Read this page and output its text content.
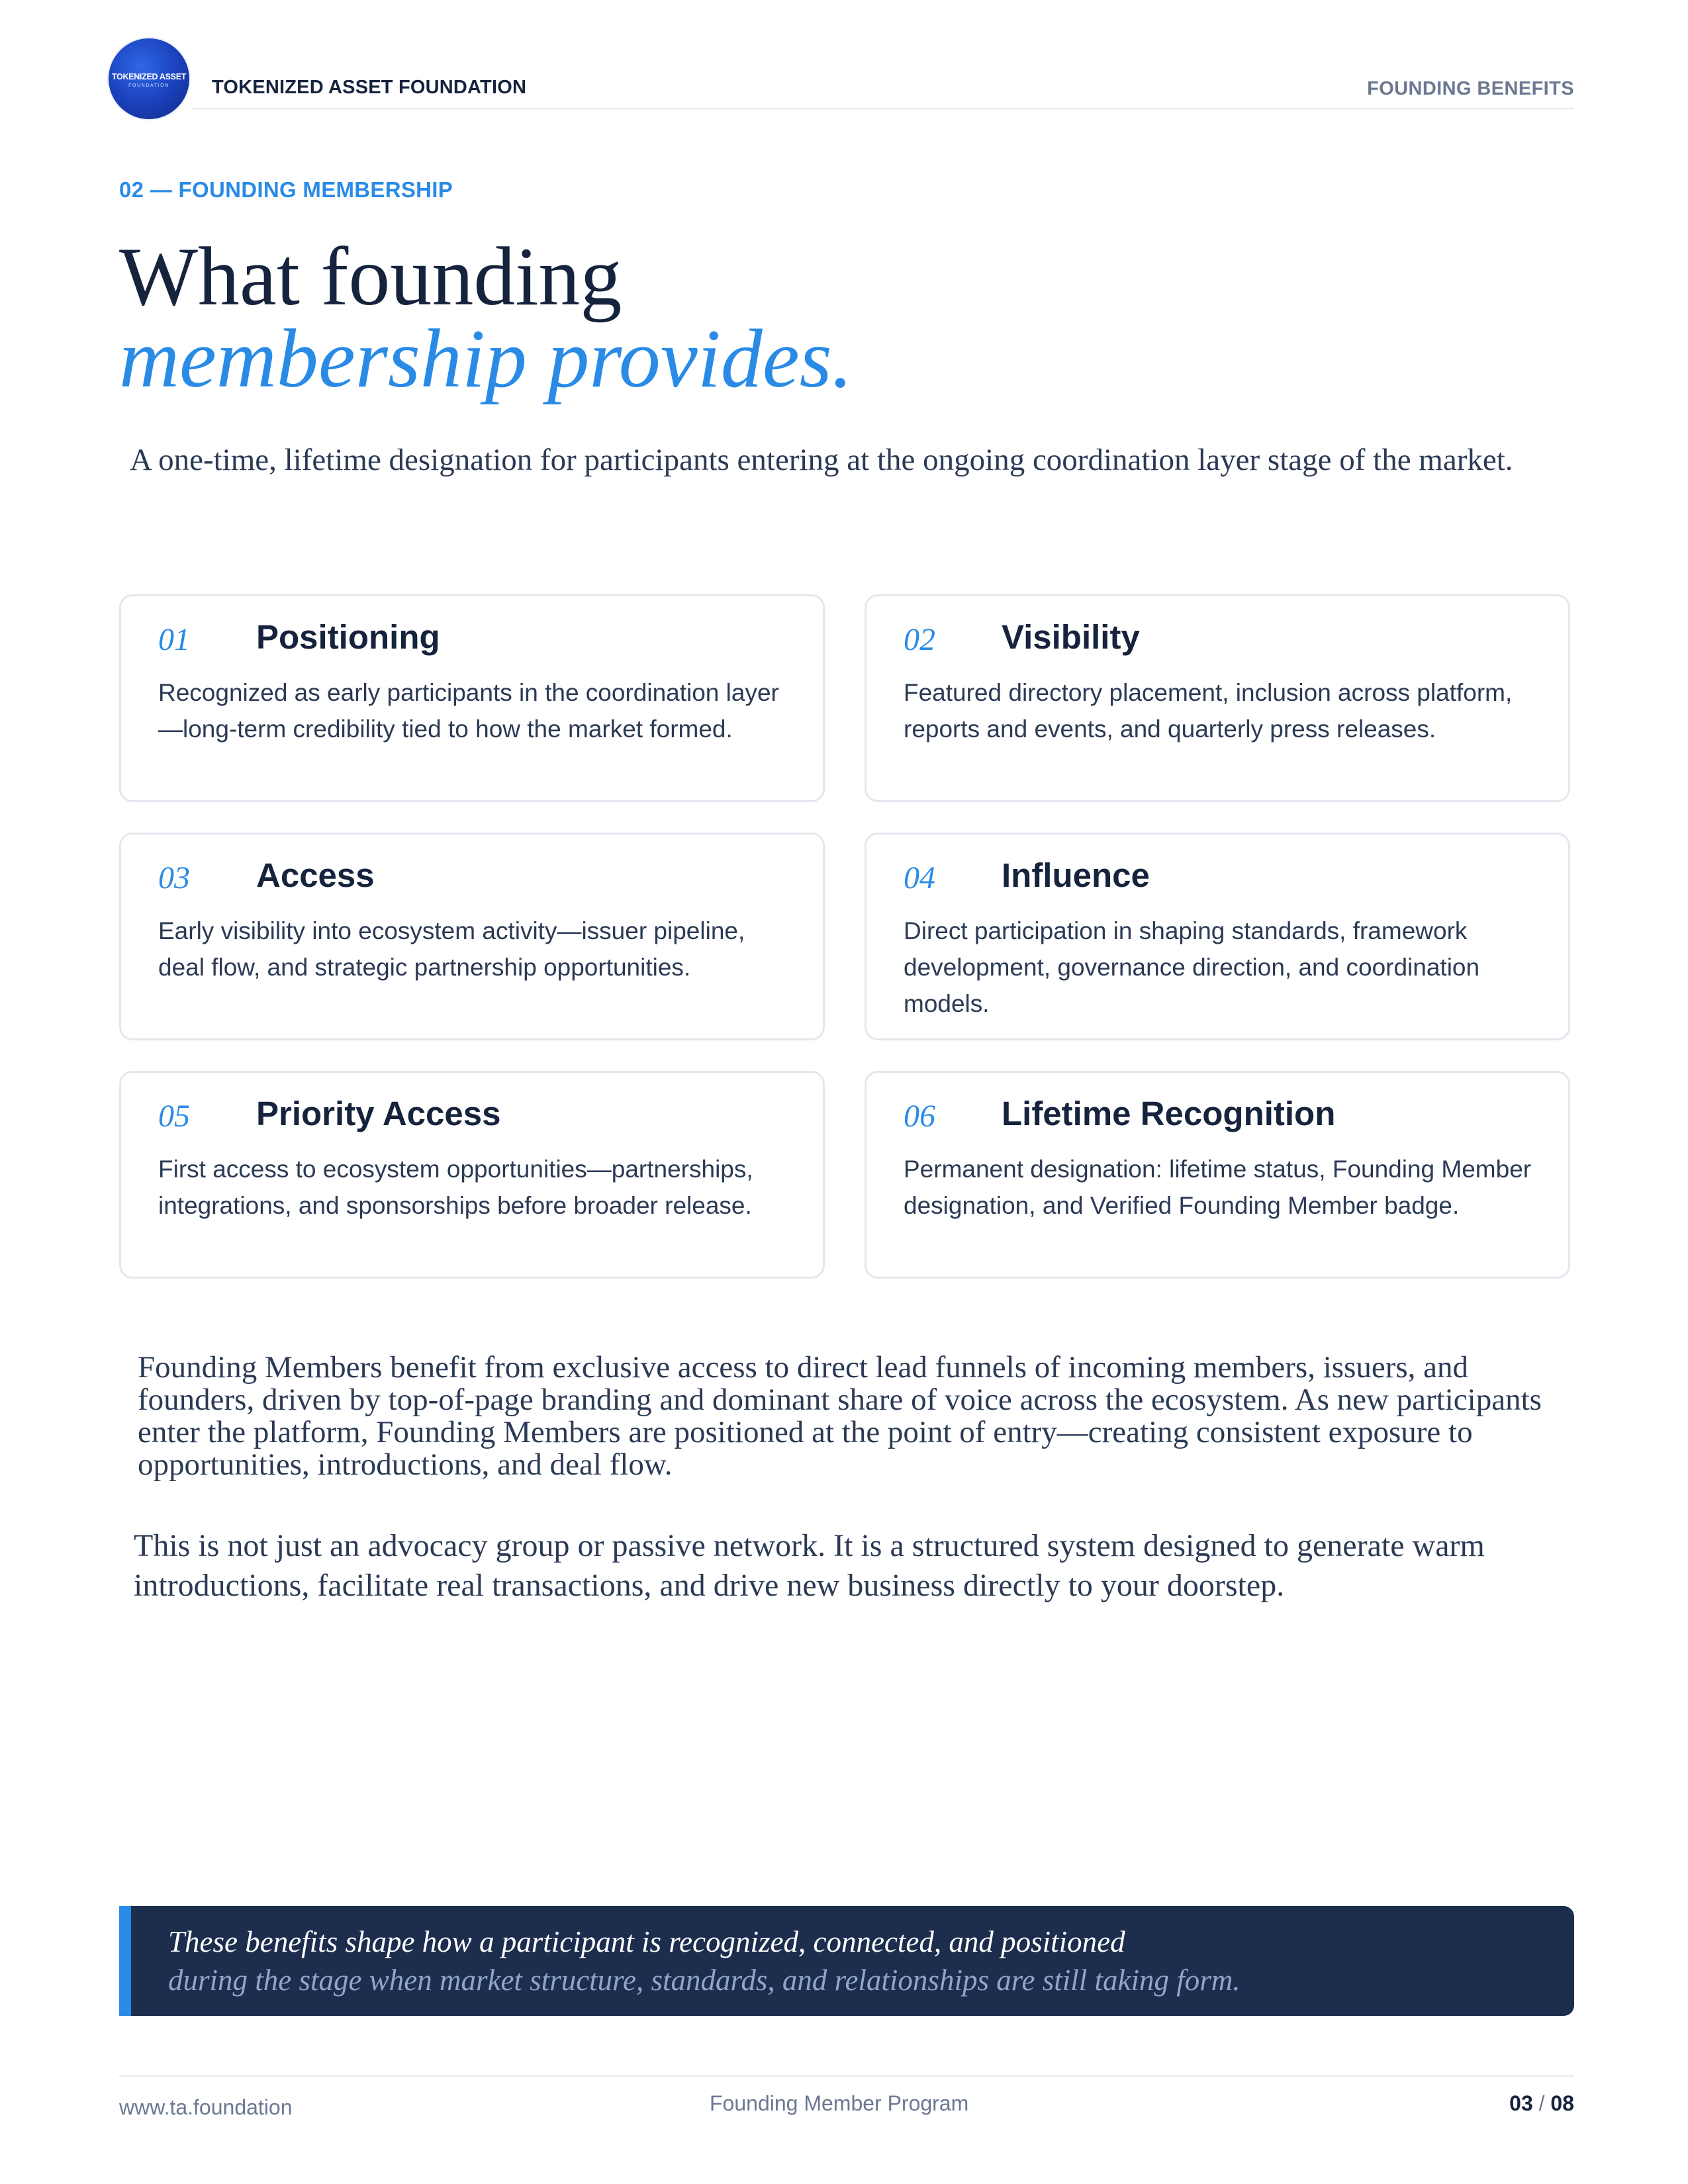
TOKENIZED ASSET
FOUNDATION	TOKENIZED ASSET FOUNDATION	FOUNDING BENEFITS
02 — FOUNDING MEMBERSHIP
What founding
membership provides.
A one-time, lifetime designation for participants entering at the ongoing coordination layer stage of the market.
01 Positioning
Recognized as early participants in the coordination layer—long-term credibility tied to how the market formed.
02 Visibility
Featured directory placement, inclusion across platform, reports and events, and quarterly press releases.
03 Access
Early visibility into ecosystem activity—issuer pipeline, deal flow, and strategic partnership opportunities.
04 Influence
Direct participation in shaping standards, framework development, governance direction, and coordination models.
05 Priority Access
First access to ecosystem opportunities—partnerships, integrations, and sponsorships before broader release.
06 Lifetime Recognition
Permanent designation: lifetime status, Founding Member designation, and Verified Founding Member badge.
Founding Members benefit from exclusive access to direct lead funnels of incoming members, issuers, and founders, driven by top-of-page branding and dominant share of voice across the ecosystem. As new participants enter the platform, Founding Members are positioned at the point of entry—creating consistent exposure to opportunities, introductions, and deal flow.
This is not just an advocacy group or passive network. It is a structured system designed to generate warm introductions, facilitate real transactions, and drive new business directly to your doorstep.
These benefits shape how a participant is recognized, connected, and positioned
during the stage when market structure, standards, and relationships are still taking form.
www.ta.foundation	Founding Member Program	03 / 08
